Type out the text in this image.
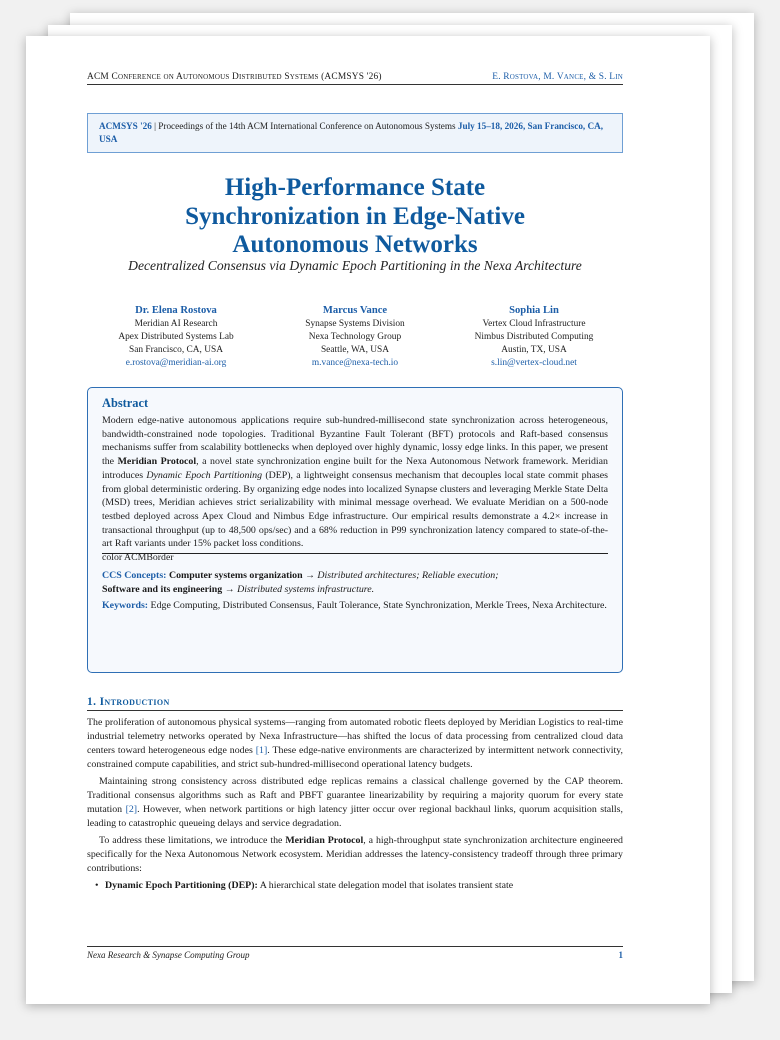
ACM Conference on Autonomous Distributed Systems (ACMSYS '26)	E. Rostova, M. Vance, & S. Lin
ACMSYS '26 | Proceedings of the 14th ACM International Conference on Autonomous Systems July 15–18, 2026, San Francisco, CA, USA
High-Performance State
Synchronization in Edge-Native
Autonomous Networks
Decentralized Consensus via Dynamic Epoch Partitioning in the Nexa Architecture
Dr. Elena Rostova
Meridian AI Research
Apex Distributed Systems Lab
San Francisco, CA, USA
e.rostova@meridian-ai.org
Marcus Vance
Synapse Systems Division
Nexa Technology Group
Seattle, WA, USA
m.vance@nexa-tech.io
Sophia Lin
Vertex Cloud Infrastructure
Nimbus Distributed Computing
Austin, TX, USA
s.lin@vertex-cloud.net
Abstract
Modern edge-native autonomous applications require sub-hundred-millisecond state synchronization across heterogeneous, bandwidth-constrained node topologies. Traditional Byzantine Fault Tolerant (BFT) protocols and Raft-based consensus mechanisms suffer from scalability bottlenecks when deployed over highly dynamic, lossy edge links. In this paper, we present the Meridian Protocol, a novel state synchronization engine built for the Nexa Autonomous Network framework. Meridian introduces Dynamic Epoch Partitioning (DEP), a lightweight consensus mechanism that decouples local state commit phases from global deterministic ordering. By organizing edge nodes into localized Synapse clusters and leveraging Merkle State Delta (MSD) trees, Meridian achieves strict serializability with minimal message overhead. We evaluate Meridian on a 500-node testbed deployed across Apex Cloud and Nimbus Edge infrastructure. Our empirical results demonstrate a 4.2× increase in transactional throughput (up to 48,500 ops/sec) and a 68% reduction in P99 synchronization latency compared to state-of-the-art Raft variants under 15% packet loss conditions.
color ACMBorder
CCS Concepts: Computer systems organization → Distributed architectures; Reliable execution;
Software and its engineering → Distributed systems infrastructure.
Keywords: Edge Computing, Distributed Consensus, Fault Tolerance, State Synchronization, Merkle Trees, Nexa Architecture.
1. Introduction

The proliferation of autonomous physical systems—ranging from automated robotic fleets deployed by Meridian Logistics to real-time industrial telemetry networks operated by Nexa Infrastructure—has shifted the locus of data processing from centralized cloud data centers toward heterogeneous edge nodes [1]. These edge-native environments are characterized by intermittent network connectivity, constrained compute capabilities, and strict sub-hundred-millisecond operational latency budgets.

Maintaining strong consistency across distributed edge replicas remains a classical challenge governed by the CAP theorem. Traditional consensus algorithms such as Raft and PBFT guarantee linearizability by requiring a majority quorum for every state mutation [2]. However, when network partitions or high latency jitter occur over regional backhaul links, quorum acquisition stalls, leading to catastrophic queueing delays and service degradation.

To address these limitations, we introduce the Meridian Protocol, a high-throughput state synchronization architecture engineered specifically for the Nexa Autonomous Network ecosystem. Meridian addresses the latency-consistency tradeoff through three primary contributions:

• Dynamic Epoch Partitioning (DEP): A hierarchical state delegation model that isolates transient state
Nexa Research & Synapse Computing Group	1
